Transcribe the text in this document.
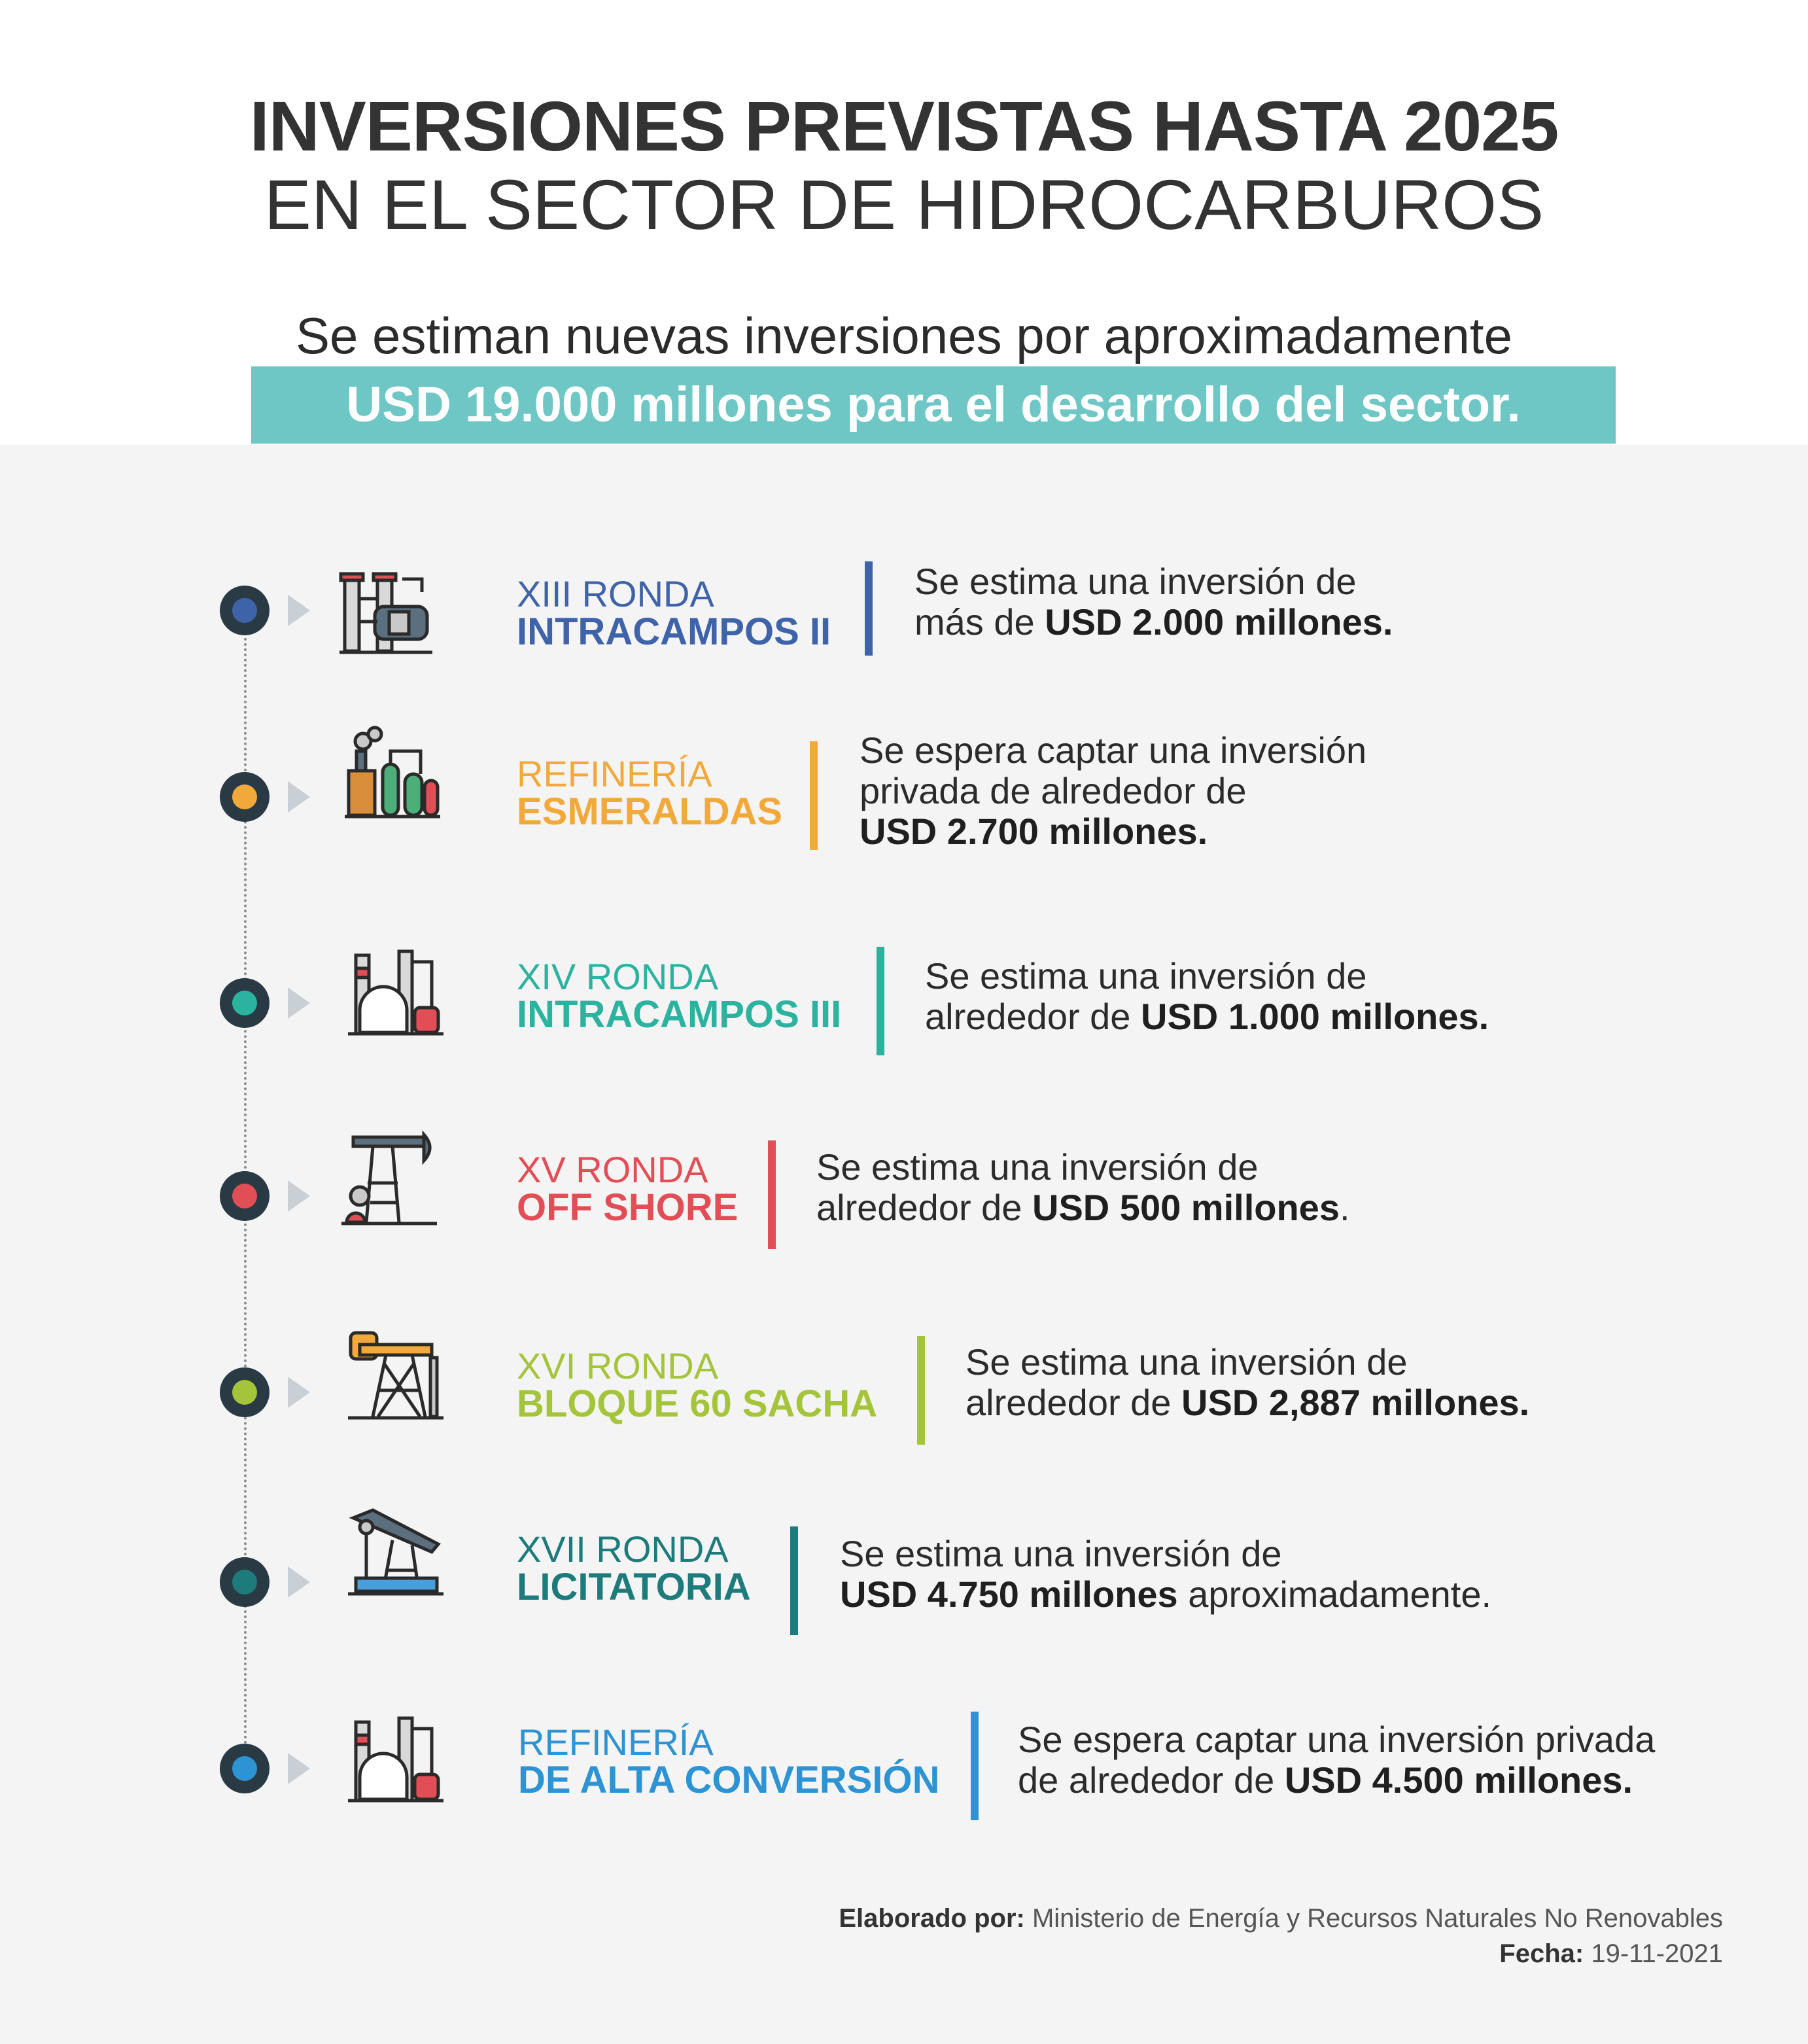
INVERSIONES PREVISTAS HASTA 2025
EN EL SECTOR DE HIDROCARBUROS
Se estiman nuevas inversiones por aproximadamente
USD 19.000 millones para el desarrollo del sector.
XIII RONDA
INTRACAMPOS II
Se estima una inversión de
más de USD 2.000 millones.
REFINERÍA
ESMERALDAS
Se espera captar una inversión
privada de alrededor de
USD 2.700 millones.
XIV RONDA
INTRACAMPOS III
Se estima una inversión de
alrededor de USD 1.000 millones.
XV RONDA
OFF SHORE
Se estima una inversión de
alrededor de USD 500 millones.
XVI RONDA
BLOQUE 60 SACHA
Se estima una inversión de
alrededor de USD 2,887 millones.
XVII RONDA
LICITATORIA
Se estima una inversión de
USD 4.750 millones aproximadamente.
REFINERÍA
DE ALTA CONVERSIÓN
Se espera captar una inversión privada
de alrededor de USD 4.500 millones.
Elaborado por: Ministerio de Energía y Recursos Naturales No Renovables
Fecha: 19-11-2021
